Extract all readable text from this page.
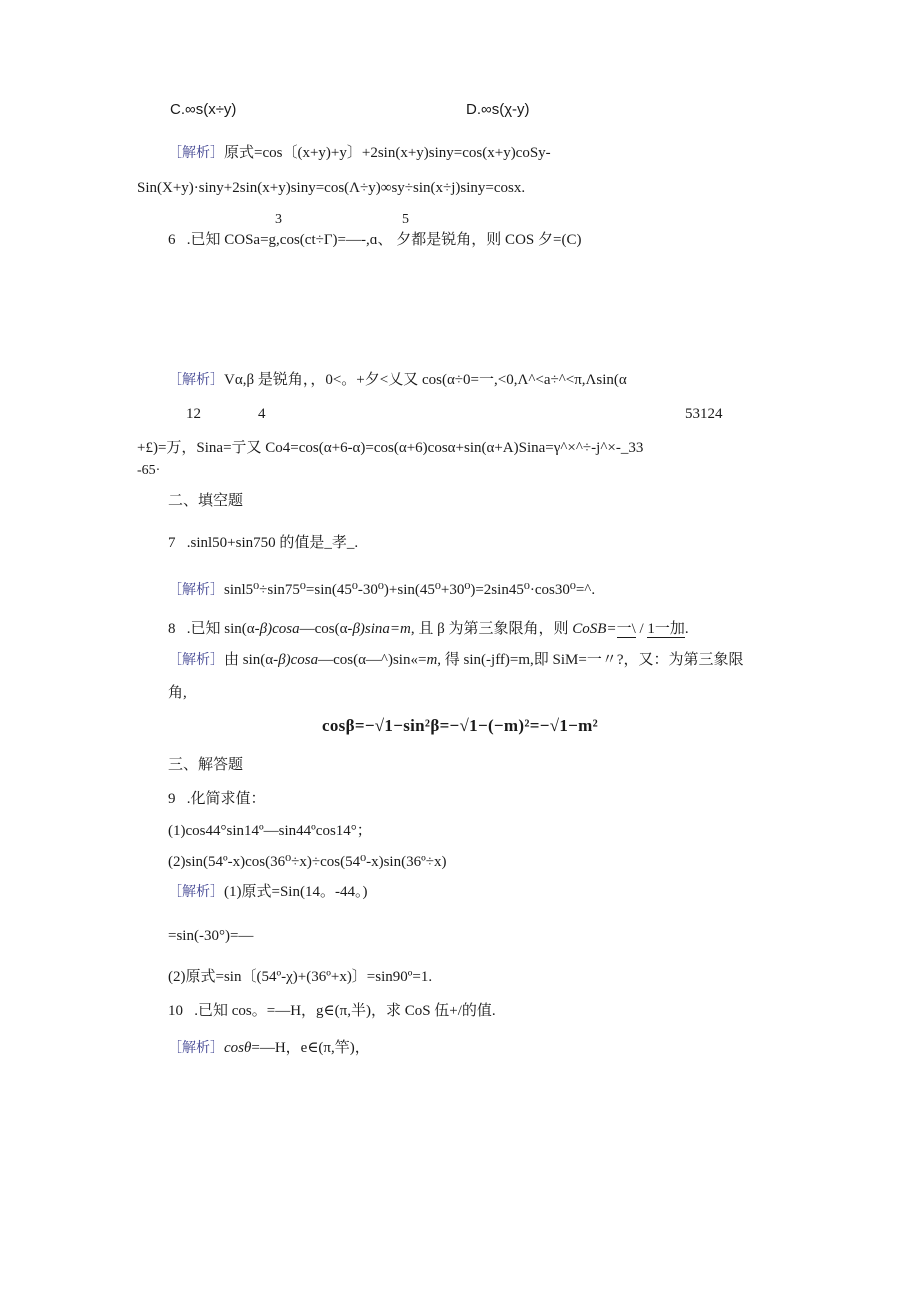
C.∞s(x÷y)	D.∞s(χ-y)
［解析］原式=cos〔(x+y)+y〕+2sin(x+y)siny=cos(x+y)coSy-
Sin(X+y)·siny+2sin(x+y)siny=cos(Λ÷y)∞sy÷sin(x÷j)siny=cosx.
3	5
6 .已知 COSa=g,cos(ct÷Γ)=—-,ɑ、 夕都是锐角，则 COS 夕=(C)
［解析］Vα,β 是锐角，，0<。+夕<乂又 cos(α÷0=一,<0,Λ^<a÷^<π,Λsin(α
12	4	53124
+£)=万，Sina=亍又 Co4=cos(α+6-α)=cos(α+6)cosα+sin(α+A)Sina=γ^×^÷-j^×-_33
-65·
二、填空题
7 .sinl50+sin750 的值是_孝_.
［解析］sinl5⁰÷sin75⁰=sin(45⁰-30⁰)+sin(45⁰+30⁰)=2sin45⁰·cos30⁰=^.
8 .已知 sin(α-β)cosa—cos(α-β)sina=m, 且 β 为第三象限角，则 CoSB=一\ / 1一加.
［解析］由 sin(α-β)cosa—cos(α—^)sin«=m, 得 sin(-jff)=m,即 SiM=一〃?，又：为第三象限
角,
cosβ=−√1−sin²β=−√1−(−m)²=−√1−m²
三、解答题
9 .化简求值：
(1)cos44°sin14º—sin44ºcos14°；
(2)sin(54º-x)cos(36⁰÷x)÷cos(54⁰-x)sin(36º÷x)
［解析］(1)原式=Sin(14。-44。)
=sin(-30°)=—
(2)原式=sin〔(54º-χ)+(36º+x)〕=sin90º=1.
10 .已知 cos。=—H，g∈(π,半)，求 CoS 伍+/的值.
［解析］cosθ=—H，e∈(π,竿)，
